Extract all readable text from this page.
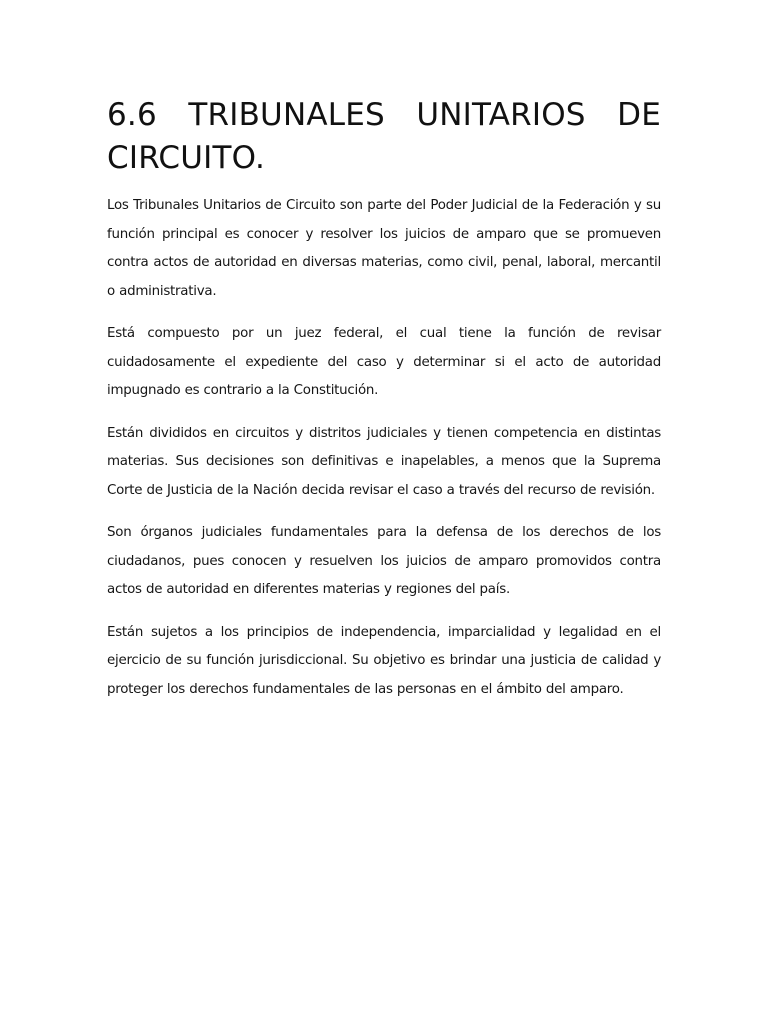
6.6 TRIBUNALES UNITARIOS DE CIRCUITO.

Los Tribunales Unitarios de Circuito son parte del Poder Judicial de la Federación y su función principal es conocer y resolver los juicios de amparo que se promueven contra actos de autoridad en diversas materias, como civil, penal, laboral, mercantil o administrativa.

Está compuesto por un juez federal, el cual tiene la función de revisar cuidadosamente el expediente del caso y determinar si el acto de autoridad impugnado es contrario a la Constitución.

Están divididos en circuitos y distritos judiciales y tienen competencia en distintas materias. Sus decisiones son definitivas e inapelables, a menos que la Suprema Corte de Justicia de la Nación decida revisar el caso a través del recurso de revisión.

Son órganos judiciales fundamentales para la defensa de los derechos de los ciudadanos, pues conocen y resuelven los juicios de amparo promovidos contra actos de autoridad en diferentes materias y regiones del país.

Están sujetos a los principios de independencia, imparcialidad y legalidad en el ejercicio de su función jurisdiccional. Su objetivo es brindar una justicia de calidad y proteger los derechos fundamentales de las personas en el ámbito del amparo.
